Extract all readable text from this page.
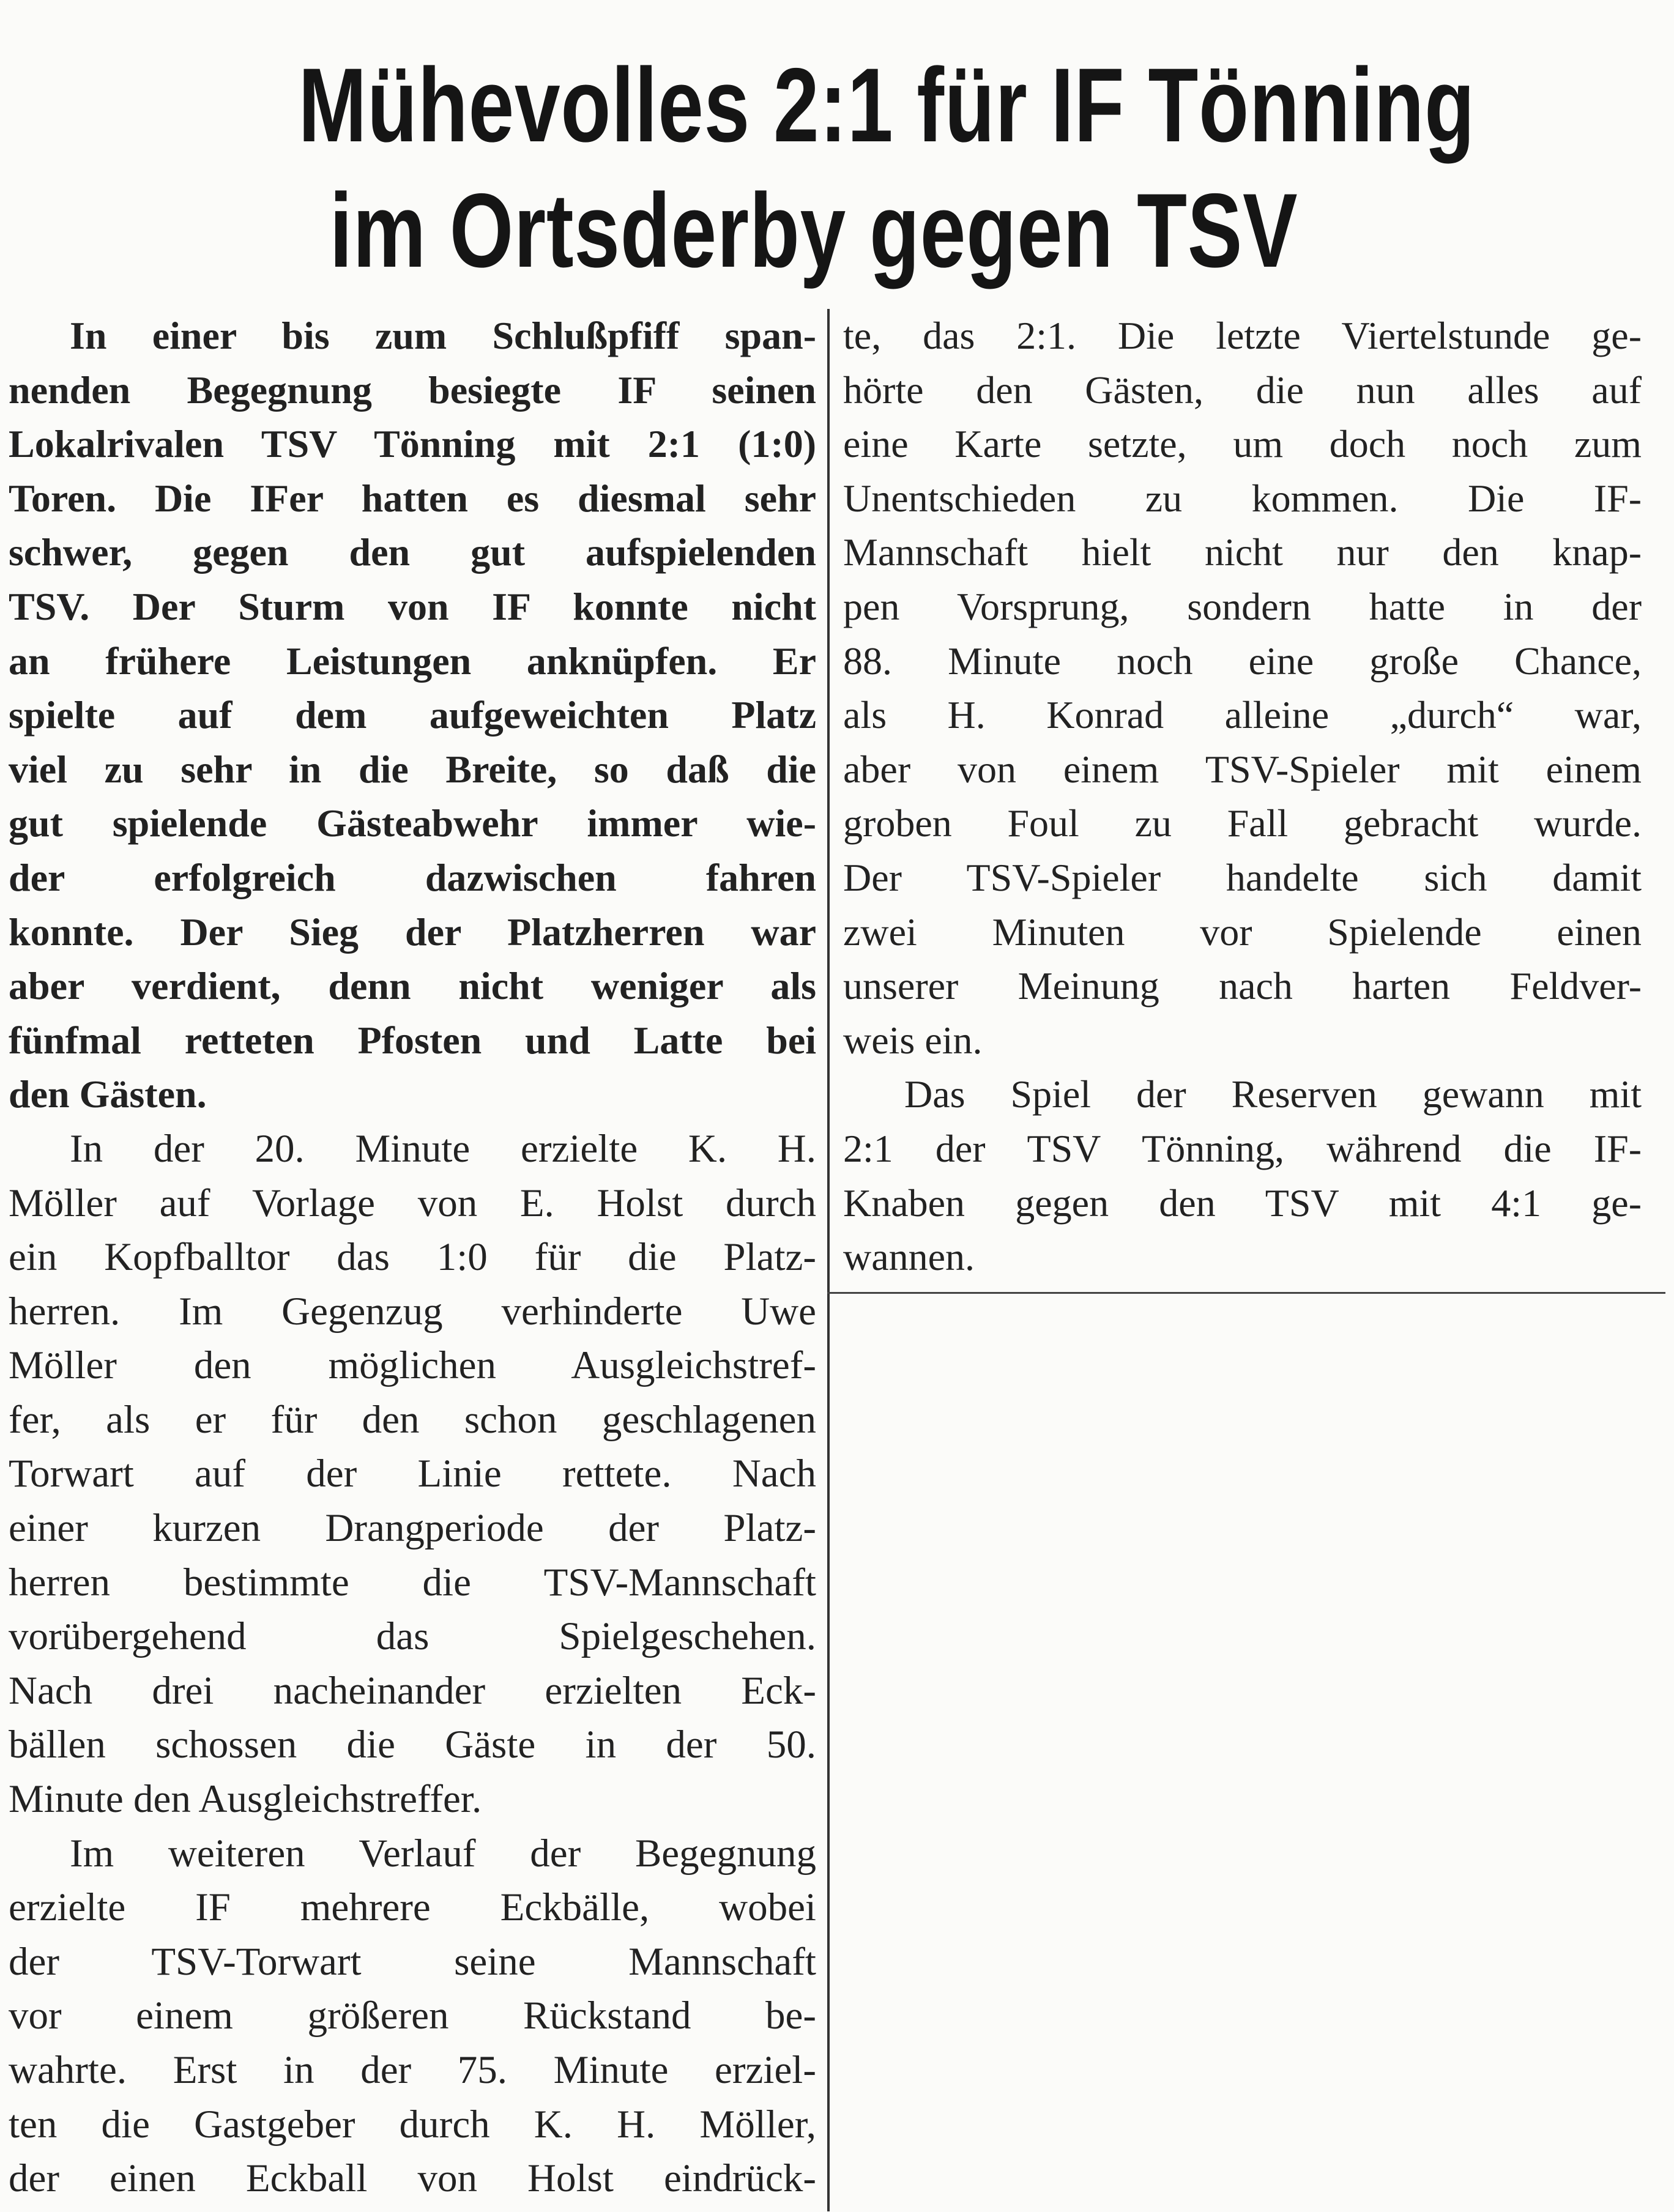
Mühevolles 2:1 für IF Tönning
im Ortsderby gegen TSV

In einer bis zum Schlußpfiff span-
nenden Begegnung besiegte IF seinen
Lokalrivalen TSV Tönning mit 2:1 (1:0)
Toren. Die IFer hatten es diesmal sehr
schwer, gegen den gut aufspielenden
TSV. Der Sturm von IF konnte nicht
an frühere Leistungen anknüpfen. Er
spielte auf dem aufgeweichten Platz
viel zu sehr in die Breite, so daß die
gut spielende Gästeabwehr immer wie-
der erfolgreich dazwischen fahren
konnte. Der Sieg der Platzherren war
aber verdient, denn nicht weniger als
fünfmal retteten Pfosten und Latte bei
den Gästen.

In der 20. Minute erzielte K. H.
Möller auf Vorlage von E. Holst durch
ein Kopfballtor das 1:0 für die Platz-
herren. Im Gegenzug verhinderte Uwe
Möller den möglichen Ausgleichstref-
fer, als er für den schon geschlagenen
Torwart auf der Linie rettete. Nach
einer kurzen Drangperiode der Platz-
herren bestimmte die TSV-Mannschaft
vorübergehend das Spielgeschehen.
Nach drei nacheinander erzielten Eck-
bällen schossen die Gäste in der 50.
Minute den Ausgleichstreffer.

Im weiteren Verlauf der Begegnung
erzielte IF mehrere Eckbälle, wobei
der TSV-Torwart seine Mannschaft
vor einem größeren Rückstand be-
wahrte. Erst in der 75. Minute erziel-
ten die Gastgeber durch K. H. Möller,
der einen Eckball von Holst eindrück-

te, das 2:1. Die letzte Viertelstunde ge-
hörte den Gästen, die nun alles auf
eine Karte setzte, um doch noch zum
Unentschieden zu kommen. Die IF-
Mannschaft hielt nicht nur den knap-
pen Vorsprung, sondern hatte in der
88. Minute noch eine große Chance,
als H. Konrad alleine „durch“ war,
aber von einem TSV-Spieler mit einem
groben Foul zu Fall gebracht wurde.
Der TSV-Spieler handelte sich damit
zwei Minuten vor Spielende einen
unserer Meinung nach harten Feldver-
weis ein.

Das Spiel der Reserven gewann mit
2:1 der TSV Tönning, während die IF-
Knaben gegen den TSV mit 4:1 ge-
wannen.
